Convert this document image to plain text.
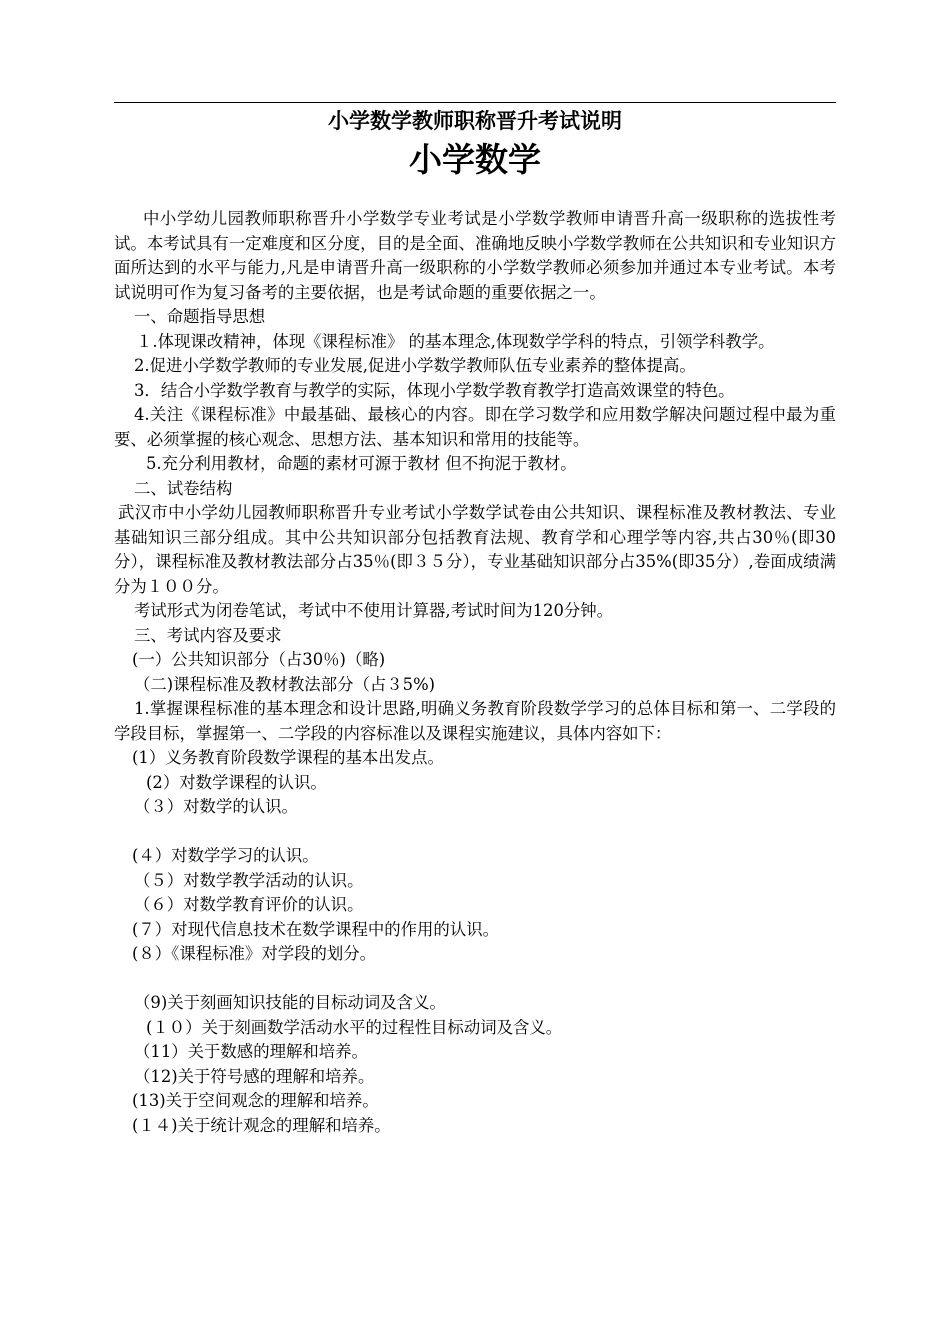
小学数学教师职称晋升考试说明
小学数学

中小学幼儿园教师职称晋升小学数学专业考试是小学数学教师申请晋升高一级职称的选拔性考试。本考试具有一定难度和区分度，目的是全面、准确地反映小学数学教师在公共知识和专业知识方面所达到的水平与能力,凡是申请晋升高一级职称的小学数学教师必须参加并通过本专业考试。本考试说明可作为复习备考的主要依据，也是考试命题的重要依据之一。

一、命题指导思想

１.体现课改精神，体现《课程标准》 的基本理念,体现数学学科的特点，引领学科教学。

2.促进小学数学教师的专业发展,促进小学数学教师队伍专业素养的整体提高。

3．结合小学数学教育与教学的实际，体现小学数学教育教学打造高效课堂的特色。

4.关注《课程标准》中最基础、最核心的内容。即在学习数学和应用数学解决问题过程中最为重要、必须掌握的核心观念、思想方法、基本知识和常用的技能等。

5.充分利用教材，命题的素材可源于教材 但不拘泥于教材。

二、试卷结构

武汉市中小学幼儿园教师职称晋升专业考试小学数学试卷由公共知识、课程标准及教材教法、专业基础知识三部分组成。其中公共知识部分包括教育法规、教育学和心理学等内容,共占30％(即30分），课程标准及教材教法部分占35％(即３５分），专业基础知识部分占35%(即35分）,卷面成绩满分为１００分。

考试形式为闭卷笔试，考试中不使用计算器,考试时间为120分钟。

三、考试内容及要求

(一）公共知识部分（占30％)（略)

（二)课程标准及教材教法部分（占３5%)

1.掌握课程标准的基本理念和设计思路,明确义务教育阶段数学学习的总体目标和第一、二学段的学段目标，掌握第一、二学段的内容标准以及课程实施建议，具体内容如下：

(1）义务教育阶段数学课程的基本出发点。

(2）对数学课程的认识。

（３）对数学的认识。

(４）对数学学习的认识。

（５）对数学教学活动的认识。

（６）对数学教育评价的认识。

(７）对现代信息技术在数学课程中的作用的认识。

(８）《课程标准》对学段的划分。

（9)关于刻画知识技能的目标动词及含义。

(１０）关于刻画数学活动水平的过程性目标动词及含义。

（11）关于数感的理解和培养。

（12)关于符号感的理解和培养。

(13)关于空间观念的理解和培养。

(１４)关于统计观念的理解和培养。
